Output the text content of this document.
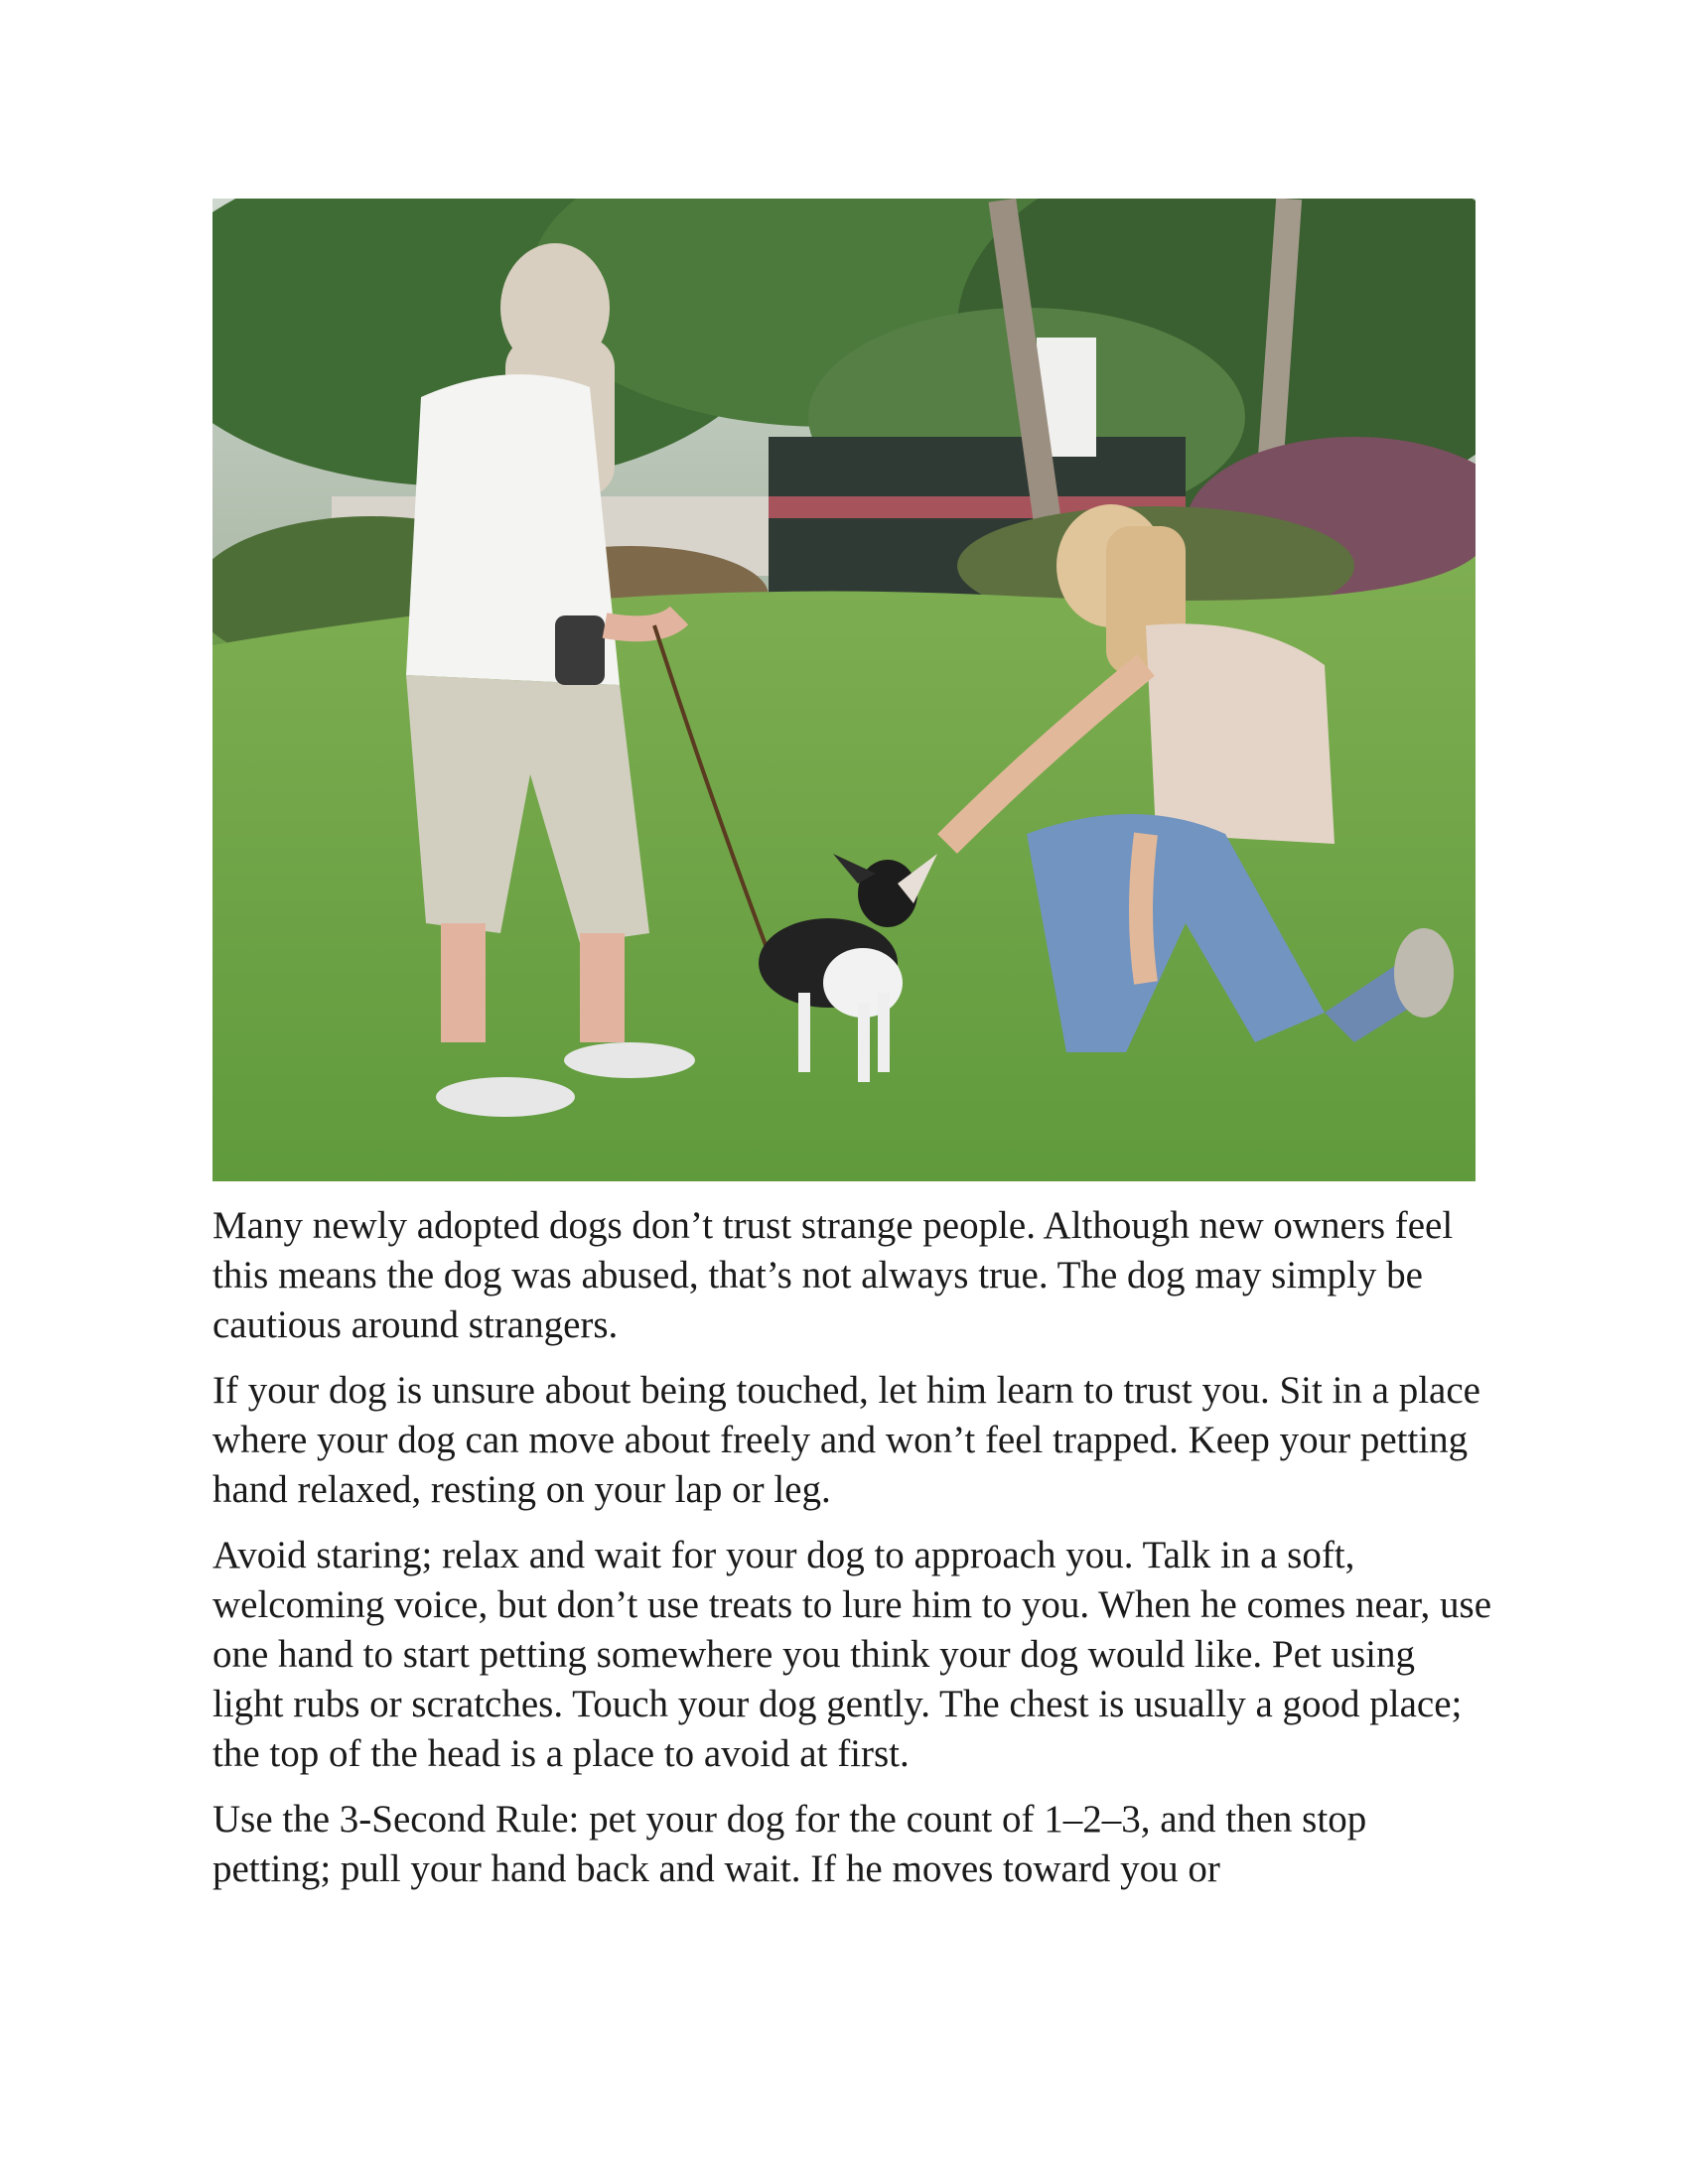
Many newly adopted dogs don’t trust strange people. Although new owners feel this means the dog was abused, that’s not always true. The dog may simply be cautious around strangers.

If your dog is unsure about being touched, let him learn to trust you. Sit in a place where your dog can move about freely and won’t feel trapped. Keep your petting hand relaxed, resting on your lap or leg.

Avoid staring; relax and wait for your dog to approach you. Talk in a soft, welcoming voice, but don’t use treats to lure him to you. When he comes near, use one hand to start petting somewhere you think your dog would like. Pet using light rubs or scratches. Touch your dog gently. The chest is usually a good place; the top of the head is a place to avoid at first.

Use the 3-Second Rule: pet your dog for the count of 1–2–3, and then stop petting; pull your hand back and wait. If he moves toward you or
